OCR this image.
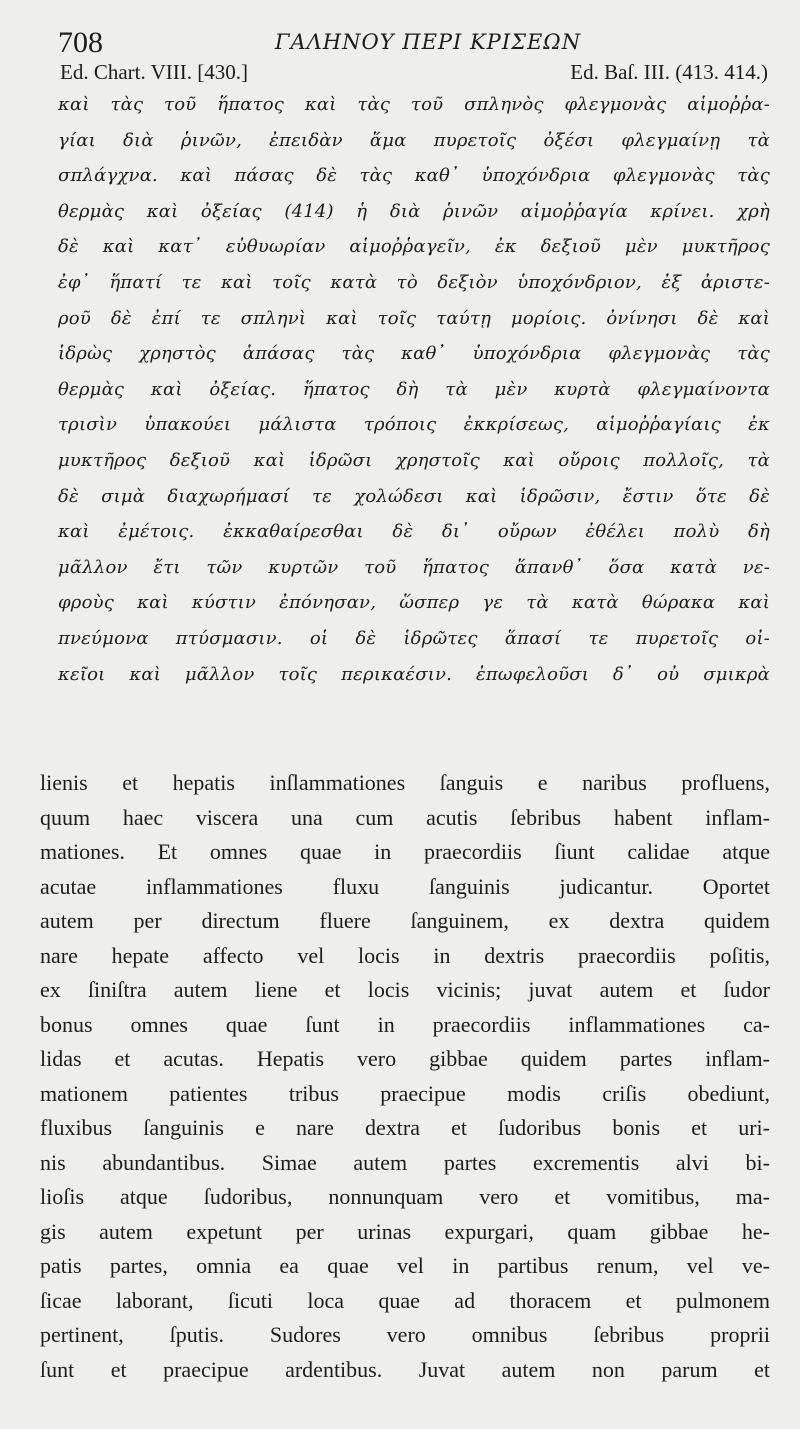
708	ΓΑΛΗΝΟΥ ΠΕΡΙ ΚΡΙΣΕΩΝ
Ed. Chart. VIII. [430.]	Ed. Baſ. III. (413. 414.)
καὶ τὰς τοῦ ἥπατος καὶ τὰς τοῦ σπληνὸς φλεγμονὰς αἱμοῤῥα-
γίαι διὰ ῥινῶν, ἐπειδὰν ἅμα πυρετοῖς ὀξέσι φλεγμαίνῃ τὰ
σπλάγχνα. καὶ πάσας δὲ τὰς καθ᾽ ὑποχόνδρια φλεγμονὰς τὰς
θερμὰς καὶ ὀξείας (414) ἡ διὰ ῥινῶν αἱμοῤῥαγία κρίνει. χρὴ
δὲ καὶ κατ᾽ εὐθυωρίαν αἱμοῤῥαγεῖν, ἐκ δεξιοῦ μὲν μυκτῆρος
ἐφ᾽ ἥπατί τε καὶ τοῖς κατὰ τὸ δεξιὸν ὑποχόνδριον, ἐξ ἀριστε-
ροῦ δὲ ἐπί τε σπληνὶ καὶ τοῖς ταύτῃ μορίοις. ὀνίνησι δὲ καὶ
ἱδρὼς χρηστὸς ἁπάσας τὰς καθ᾽ ὑποχόνδρια φλεγμονὰς τὰς
θερμὰς καὶ ὀξείας. ἥπατος δὴ τὰ μὲν κυρτὰ φλεγμαίνοντα
τρισὶν ὑπακούει μάλιστα τρόποις ἐκκρίσεως, αἱμοῤῥαγίαις ἐκ
μυκτῆρος δεξιοῦ καὶ ἱδρῶσι χρηστοῖς καὶ οὔροις πολλοῖς, τὰ
δὲ σιμὰ διαχωρήμασί τε χολώδεσι καὶ ἱδρῶσιν, ἔστιν ὅτε δὲ
καὶ ἐμέτοις. ἐκκαθαίρεσθαι δὲ δι᾽ οὔρων ἐθέλει πολὺ δὴ
μᾶλλον ἔτι τῶν κυρτῶν τοῦ ἥπατος ἅπανθ᾽ ὅσα κατὰ νε-
φροὺς καὶ κύστιν ἐπόνησαν, ὥσπερ γε τὰ κατὰ θώρακα καὶ
πνεύμονα πτύσμασιν. οἱ δὲ ἱδρῶτες ἅπασί τε πυρετοῖς οἰ-
κεῖοι καὶ μᾶλλον τοῖς περικαέσιν. ἐπωφελοῦσι δ᾽ οὐ σμικρὰ
lienis et hepatis inſlammationes ſanguis e naribus profluens,
quum haec viscera una cum acutis ſebribus habent inflam-
mationes. Et omnes quae in praecordiis ſiunt calidae atque
acutae inflammationes fluxu ſanguinis judicantur. Oportet
autem per directum fluere ſanguinem, ex dextra quidem
nare hepate affecto vel locis in dextris praecordiis poſitis,
ex ſiniſtra autem liene et locis vicinis; juvat autem et ſudor
bonus omnes quae ſunt in praecordiis inflammationes ca-
lidas et acutas. Hepatis vero gibbae quidem partes inflam-
mationem patientes tribus praecipue modis criſis obediunt,
fluxibus ſanguinis e nare dextra et ſudoribus bonis et uri-
nis abundantibus. Simae autem partes excrementis alvi bi-
lioſis atque ſudoribus, nonnunquam vero et vomitibus, ma-
gis autem expetunt per urinas expurgari, quam gibbae he-
patis partes, omnia ea quae vel in partibus renum, vel ve-
ſicae laborant, ſicuti loca quae ad thoracem et pulmonem
pertinent, ſputis. Sudores vero omnibus ſebribus proprii
ſunt et praecipue ardentibus. Juvat autem non parum et
